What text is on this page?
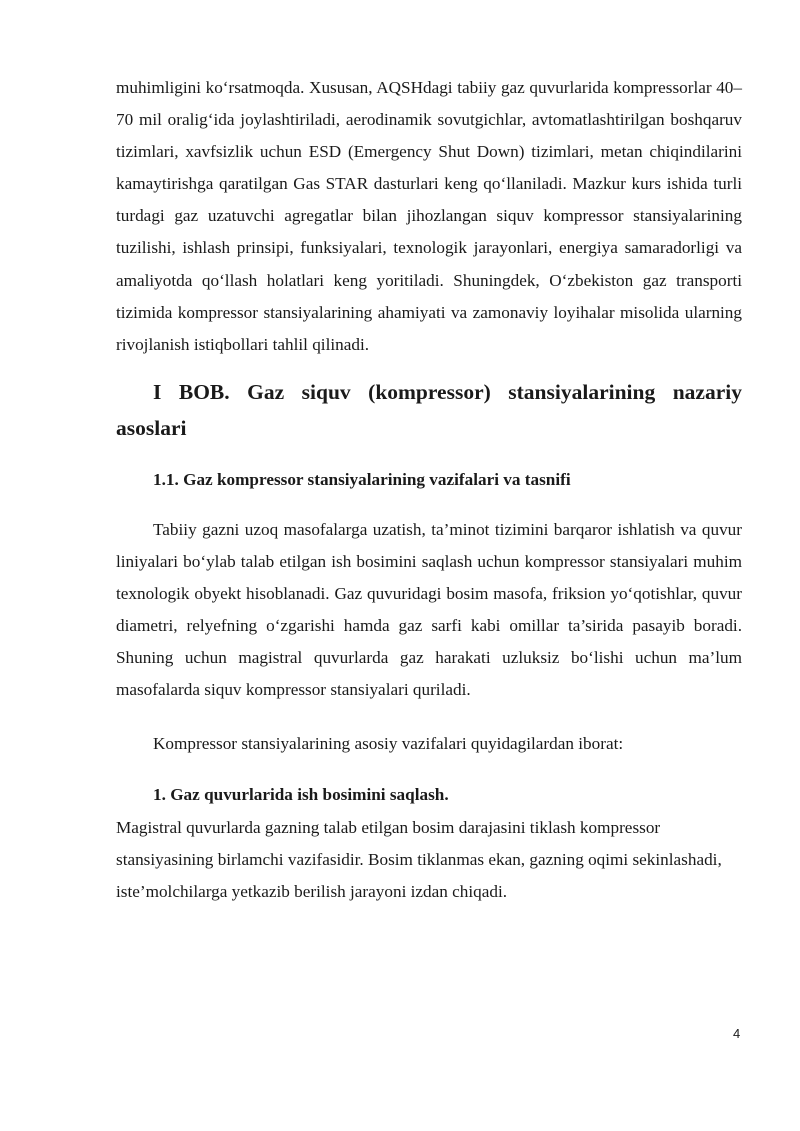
muhimligini ko‘rsatmoqda. Xususan, AQSHdagi tabiiy gaz quvurlarida kompressorlar 40–70 mil oralig‘ida joylashtiriladi, aerodinamik sovutgichlar, avtomatlashtirilgan boshqaruv tizimlari, xavfsizlik uchun ESD (Emergency Shut Down) tizimlari, metan chiqindilarini kamaytirishga qaratilgan Gas STAR dasturlari keng qo‘llaniladi. Mazkur kurs ishida turli turdagi gaz uzatuvchi agregatlar bilan jihozlangan siquv kompressor stansiyalarining tuzilishi, ishlash prinsipi, funksiyalari, texnologik jarayonlari, energiya samaradorligi va amaliyotda qo‘llash holatlari keng yoritiladi. Shuningdek, O‘zbekiston gaz transporti tizimida kompressor stansiyalarining ahamiyati va zamonaviy loyihalar misolida ularning rivojlanish istiqbollari tahlil qilinadi.

I BOB. Gaz siquv (kompressor) stansiyalarining nazariy asoslari
1.1. Gaz kompressor stansiyalarining vazifalari va tasnifi

Tabiiy gazni uzoq masofalarga uzatish, ta’minot tizimini barqaror ishlatish va quvur liniyalari bo‘ylab talab etilgan ish bosimini saqlash uchun kompressor stansiyalari muhim texnologik obyekt hisoblanadi. Gaz quvuridagi bosim masofa, friksion yo‘qotishlar, quvur diametri, relyefning o‘zgarishi hamda gaz sarfi kabi omillar ta’sirida pasayib boradi. Shuning uchun magistral quvurlarda gaz harakati uzluksiz bo‘lishi uchun ma’lum masofalarda siquv kompressor stansiyalari quriladi.

Kompressor stansiyalarining asosiy vazifalari quyidagilardan iborat:

1. Gaz quvurlarida ish bosimini saqlash.

Magistral quvurlarda gazning talab etilgan bosim darajasini tiklash kompressor stansiyasining birlamchi vazifasidir. Bosim tiklanmas ekan, gazning oqimi sekinlashadi, iste’molchilarga yetkazib berilish jarayoni izdan chiqadi.

4
